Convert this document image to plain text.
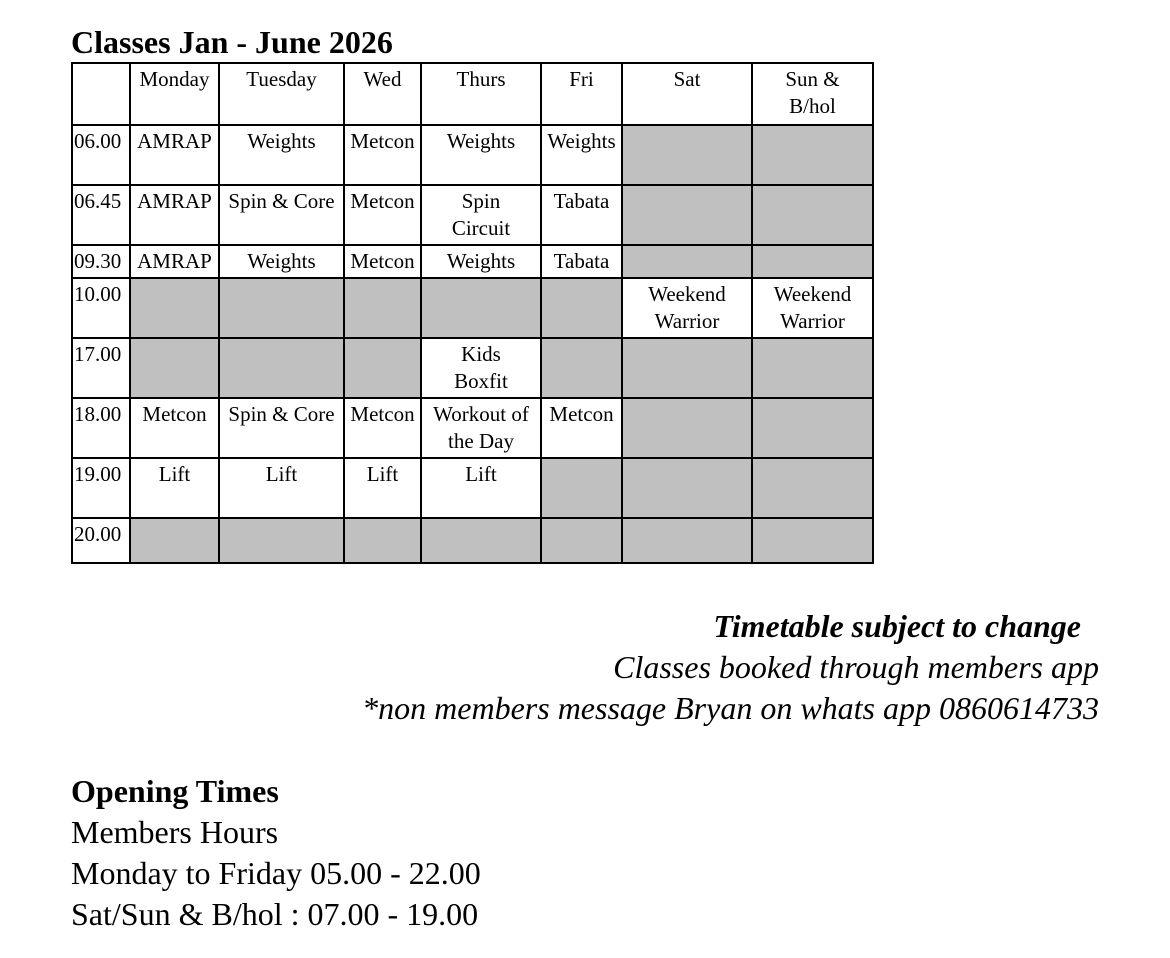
Classes Jan - June 2026
	Monday	Tuesday	Wed	Thurs	Fri	Sat	Sun &
B/hol
06.00	AMRAP	Weights	Metcon	Weights	Weights		
06.45	AMRAP	Spin & Core	Metcon	Spin
Circuit	Tabata		
09.30	AMRAP	Weights	Metcon	Weights	Tabata		
10.00						Weekend
Warrior	Weekend
Warrior
17.00				Kids
Boxfit			
18.00	Metcon	Spin & Core	Metcon	Workout of
the Day	Metcon		
19.00	Lift	Lift	Lift	Lift			
20.00							
Timetable subject to change
Classes booked through members app
*non members message Bryan on whats app 0860614733
Opening Times
Members Hours
Monday to Friday 05.00 - 22.00
Sat/Sun & B/hol : 07.00 - 19.00
